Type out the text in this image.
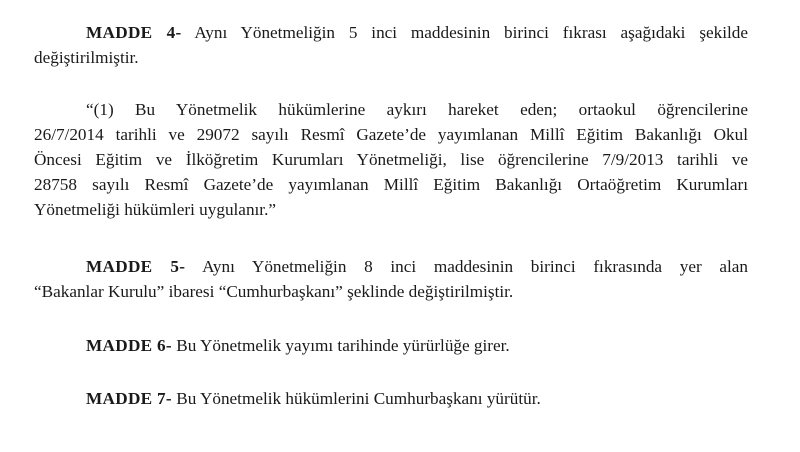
MADDE 4- Aynı Yönetmeliğin 5 inci maddesinin birinci fıkrası aşağıdaki şekilde
değiştirilmiştir.
“(1) Bu Yönetmelik hükümlerine aykırı hareket eden; ortaokul öğrencilerine
26/7/2014 tarihli ve 29072 sayılı Resmî Gazete’de yayımlanan Millî Eğitim Bakanlığı Okul
Öncesi Eğitim ve İlköğretim Kurumları Yönetmeliği, lise öğrencilerine 7/9/2013 tarihli ve
28758 sayılı Resmî Gazete’de yayımlanan Millî Eğitim Bakanlığı Ortaöğretim Kurumları
Yönetmeliği hükümleri uygulanır.”
MADDE 5- Aynı Yönetmeliğin 8 inci maddesinin birinci fıkrasında yer alan
“Bakanlar Kurulu” ibaresi “Cumhurbaşkanı” şeklinde değiştirilmiştir.
MADDE 6- Bu Yönetmelik yayımı tarihinde yürürlüğe girer.
MADDE 7- Bu Yönetmelik hükümlerini Cumhurbaşkanı yürütür.
